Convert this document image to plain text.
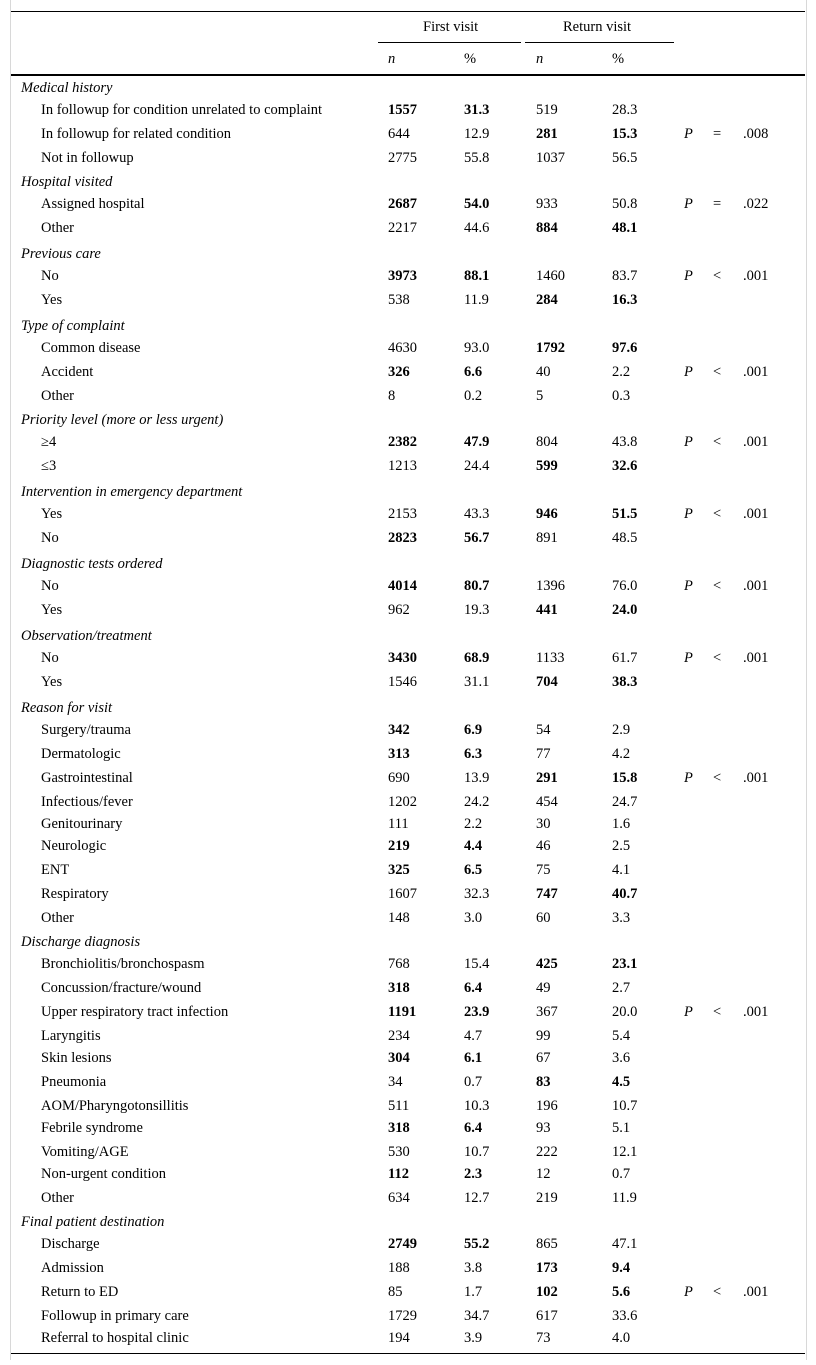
First visit	Return visit
n	%	n	%
Medical history
In followup for condition unrelated to complaint	1557	31.3	519	28.3
In followup for related condition	644	12.9	281	15.3	P = .008
Not in followup	2775	55.8	1037	56.5
Hospital visited
Assigned hospital	2687	54.0	933	50.8	P = .022
Other	2217	44.6	884	48.1
Previous care
No	3973	88.1	1460	83.7	P < .001
Yes	538	11.9	284	16.3
Type of complaint
Common disease	4630	93.0	1792	97.6
Accident	326	6.6	40	2.2	P < .001
Other	8	0.2	5	0.3
Priority level (more or less urgent)
≥4	2382	47.9	804	43.8	P < .001
≤3	1213	24.4	599	32.6
Intervention in emergency department
Yes	2153	43.3	946	51.5	P < .001
No	2823	56.7	891	48.5
Diagnostic tests ordered
No	4014	80.7	1396	76.0	P < .001
Yes	962	19.3	441	24.0
Observation/treatment
No	3430	68.9	1133	61.7	P < .001
Yes	1546	31.1	704	38.3
Reason for visit
Surgery/trauma	342	6.9	54	2.9
Dermatologic	313	6.3	77	4.2
Gastrointestinal	690	13.9	291	15.8	P < .001
Infectious/fever	1202	24.2	454	24.7
Genitourinary	111	2.2	30	1.6
Neurologic	219	4.4	46	2.5
ENT	325	6.5	75	4.1
Respiratory	1607	32.3	747	40.7
Other	148	3.0	60	3.3
Discharge diagnosis
Bronchiolitis/bronchospasm	768	15.4	425	23.1
Concussion/fracture/wound	318	6.4	49	2.7
Upper respiratory tract infection	1191	23.9	367	20.0	P < .001
Laryngitis	234	4.7	99	5.4
Skin lesions	304	6.1	67	3.6
Pneumonia	34	0.7	83	4.5
AOM/Pharyngotonsillitis	511	10.3	196	10.7
Febrile syndrome	318	6.4	93	5.1
Vomiting/AGE	530	10.7	222	12.1
Non-urgent condition	112	2.3	12	0.7
Other	634	12.7	219	11.9
Final patient destination
Discharge	2749	55.2	865	47.1
Admission	188	3.8	173	9.4
Return to ED	85	1.7	102	5.6	P < .001
Followup in primary care	1729	34.7	617	33.6
Referral to hospital clinic	194	3.9	73	4.0
